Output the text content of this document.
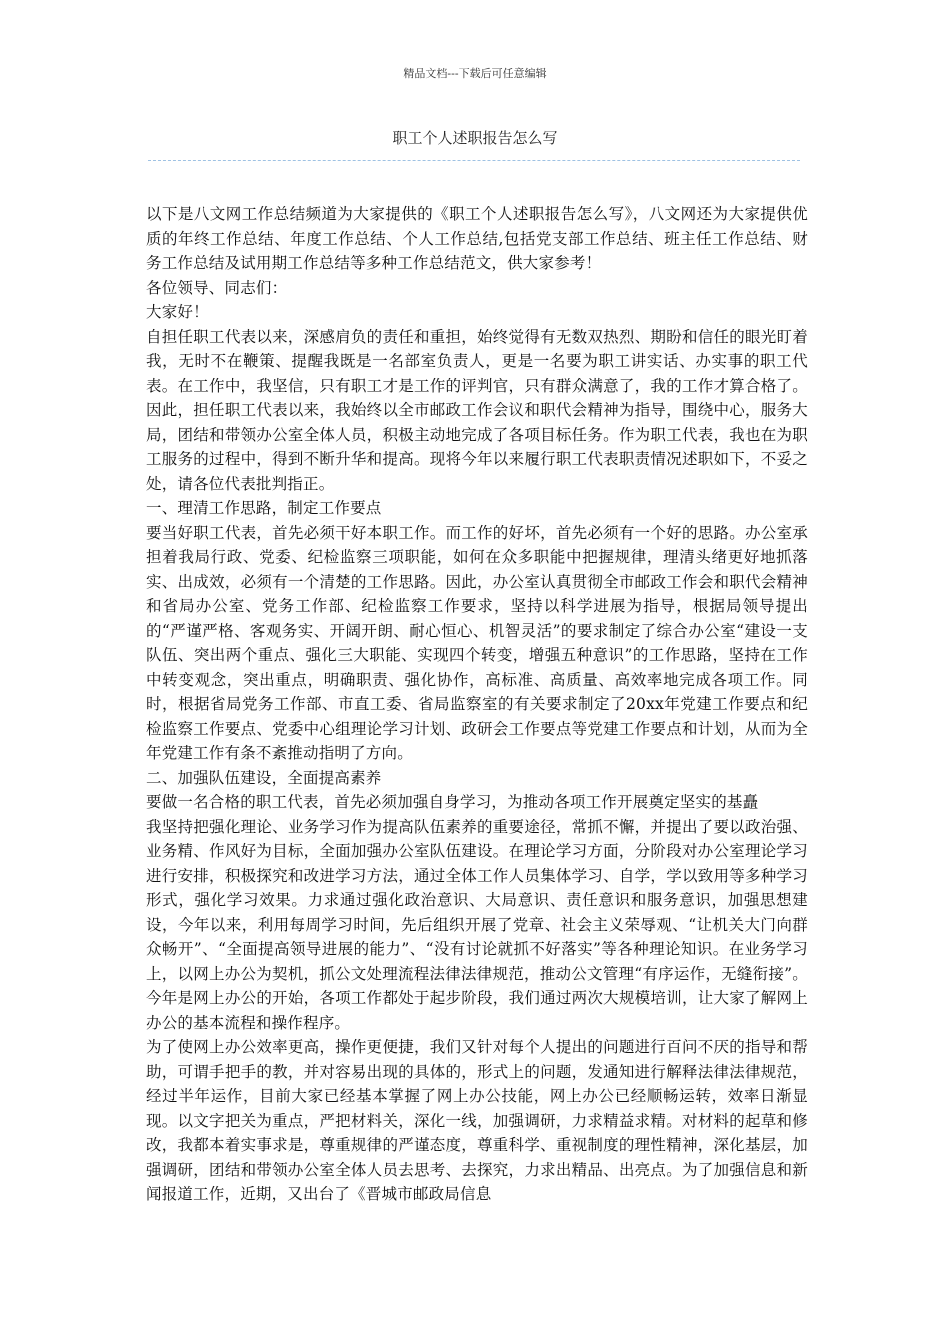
精品文档---下载后可任意编辑
职工个人述职报告怎么写

以下是八文网工作总结频道为大家提供的《职工个人述职报告怎么写》，八文网还为大家提供优质的年终工作总结、年度工作总结、个人工作总结,包括党支部工作总结、班主任工作总结、财务工作总结及试用期工作总结等多种工作总结范文，供大家参考！

各位领导、同志们：

大家好！

自担任职工代表以来，深感肩负的责任和重担，始终觉得有无数双热烈、期盼和信任的眼光盯着我，无时不在鞭策、提醒我既是一名部室负责人，更是一名要为职工讲实话、办实事的职工代表。在工作中，我坚信，只有职工才是工作的评判官，只有群众满意了，我的工作才算合格了。因此，担任职工代表以来，我始终以全市邮政工作会议和职代会精神为指导，围绕中心，服务大局，团结和带领办公室全体人员，积极主动地完成了各项目标任务。作为职工代表，我也在为职工服务的过程中，得到不断升华和提高。现将今年以来履行职工代表职责情况述职如下，不妥之处，请各位代表批判指正。

一、理清工作思路，制定工作要点

要当好职工代表，首先必须干好本职工作。而工作的好坏，首先必须有一个好的思路。办公室承担着我局行政、党委、纪检监察三项职能，如何在众多职能中把握规律，理清头绪更好地抓落实、出成效，必须有一个清楚的工作思路。因此，办公室认真贯彻全市邮政工作会和职代会精神和省局办公室、党务工作部、纪检监察工作要求，坚持以科学进展为指导，根据局领导提出的“严谨严格、客观务实、开阔开朗、耐心恒心、机智灵活”的要求制定了综合办公室“建设一支队伍、突出两个重点、强化三大职能、实现四个转变，增强五种意识”的工作思路，坚持在工作中转变观念，突出重点，明确职责、强化协作，高标准、高质量、高效率地完成各项工作。同时，根据省局党务工作部、市直工委、省局监察室的有关要求制定了20xx年党建工作要点和纪检监察工作要点、党委中心组理论学习计划、政研会工作要点等党建工作要点和计划，从而为全年党建工作有条不紊推动指明了方向。

二、加强队伍建设，全面提高素养

要做一名合格的职工代表，首先必须加强自身学习，为推动各项工作开展奠定坚实的基矗

我坚持把强化理论、业务学习作为提高队伍素养的重要途径，常抓不懈，并提出了要以政治强、业务精、作风好为目标，全面加强办公室队伍建设。在理论学习方面，分阶段对办公室理论学习进行安排，积极探究和改进学习方法，通过全体工作人员集体学习、自学，学以致用等多种学习形式，强化学习效果。力求通过强化政治意识、大局意识、责任意识和服务意识，加强思想建设，今年以来，利用每周学习时间，先后组织开展了党章、社会主义荣辱观、“让机关大门向群众畅开”、“全面提高领导进展的能力”、“没有讨论就抓不好落实”等各种理论知识。在业务学习上，以网上办公为契机，抓公文处理流程法律法律规范，推动公文管理“有序运作，无缝衔接”。今年是网上办公的开始，各项工作都处于起步阶段，我们通过两次大规模培训，让大家了解网上办公的基本流程和操作程序。

为了使网上办公效率更高，操作更便捷，我们又针对每个人提出的问题进行百问不厌的指导和帮助，可谓手把手的教，并对容易出现的具体的，形式上的问题，发通知进行解释法律法律规范，经过半年运作，目前大家已经基本掌握了网上办公技能，网上办公已经顺畅运转，效率日渐显现。以文字把关为重点，严把材料关，深化一线，加强调研，力求精益求精。对材料的起草和修改，我都本着实事求是，尊重规律的严谨态度，尊重科学、重视制度的理性精神，深化基层，加强调研，团结和带领办公室全体人员去思考、去探究，力求出精品、出亮点。为了加强信息和新闻报道工作，近期，又出台了《晋城市邮政局信息
